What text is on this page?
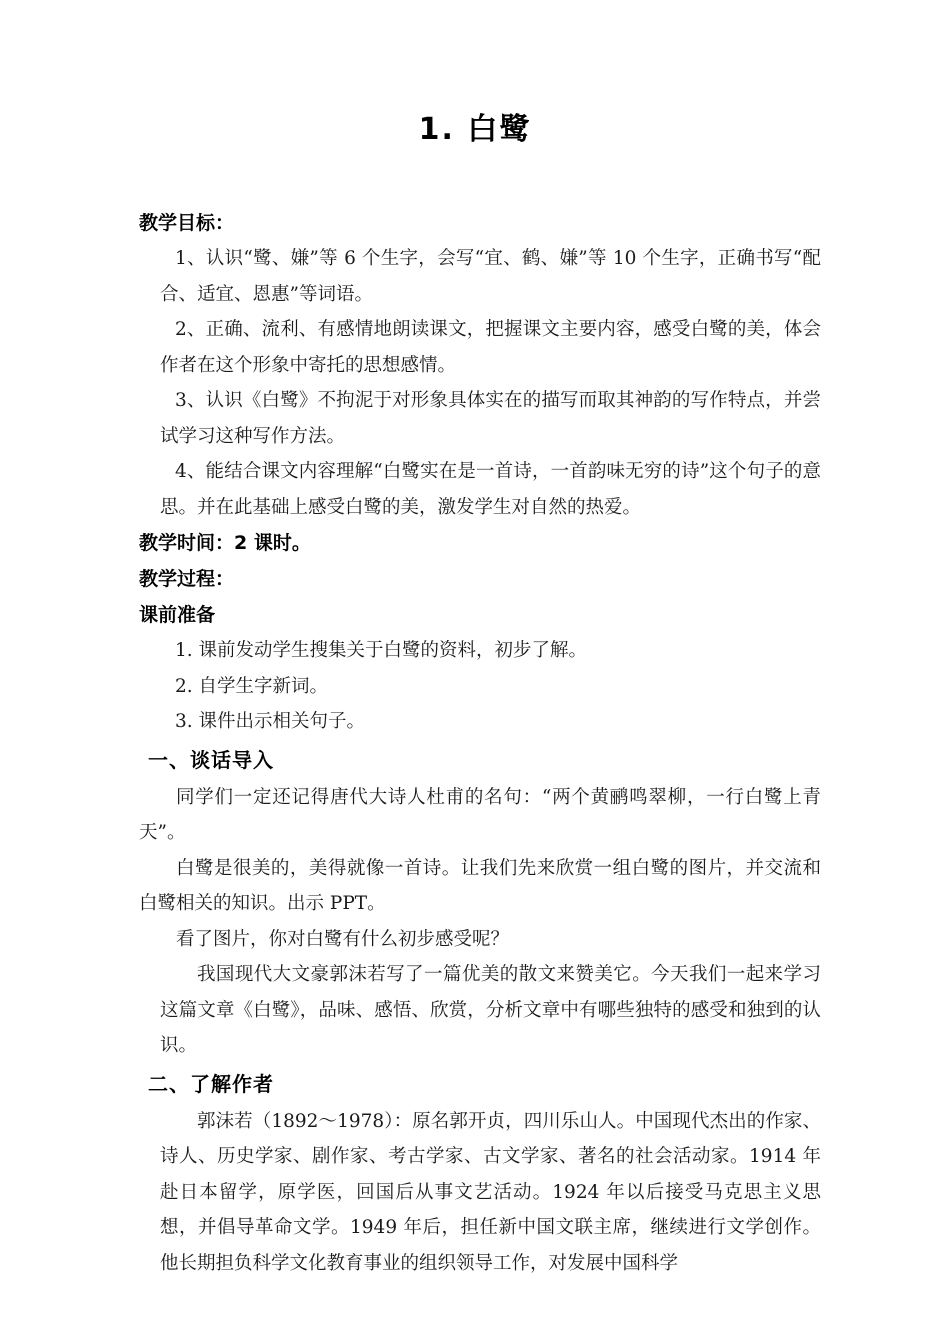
1. 白鹭
教学目标：

1、认识“鹭、嫌”等 6 个生字，会写“宜、鹤、嫌”等 10 个生字，正确书写“配合、适宜、恩惠”等词语。

2、正确、流利、有感情地朗读课文，把握课文主要内容，感受白鹭的美，体会作者在这个形象中寄托的思想感情。

3、认识《白鹭》不拘泥于对形象具体实在的描写而取其神韵的写作特点，并尝试学习这种写作方法。

4、能结合课文内容理解“白鹭实在是一首诗，一首韵味无穷的诗”这个句子的意思。并在此基础上感受白鹭的美，激发学生对自然的热爱。

教学时间：2 课时。
教学过程：
课前准备

1. 课前发动学生搜集关于白鹭的资料，初步了解。

2. 自学生字新词。

3. 课件出示相关句子。

一、谈话导入

同学们一定还记得唐代大诗人杜甫的名句：“两个黄鹂鸣翠柳，一行白鹭上青天”。

白鹭是很美的，美得就像一首诗。让我们先来欣赏一组白鹭的图片，并交流和白鹭相关的知识。出示 PPT。

看了图片，你对白鹭有什么初步感受呢？

我国现代大文豪郭沫若写了一篇优美的散文来赞美它。今天我们一起来学习这篇文章《白鹭》，品味、感悟、欣赏，分析文章中有哪些独特的感受和独到的认识。

二、了解作者

郭沫若（1892～1978）：原名郭开贞，四川乐山人。中国现代杰出的作家、诗人、历史学家、剧作家、考古学家、古文学家、著名的社会活动家。1914 年赴日本留学，原学医，回国后从事文艺活动。1924 年以后接受马克思主义思想，并倡导革命文学。1949 年后，担任新中国文联主席，继续进行文学创作。他长期担负科学文化教育事业的组织领导工作，对发展中国科学
